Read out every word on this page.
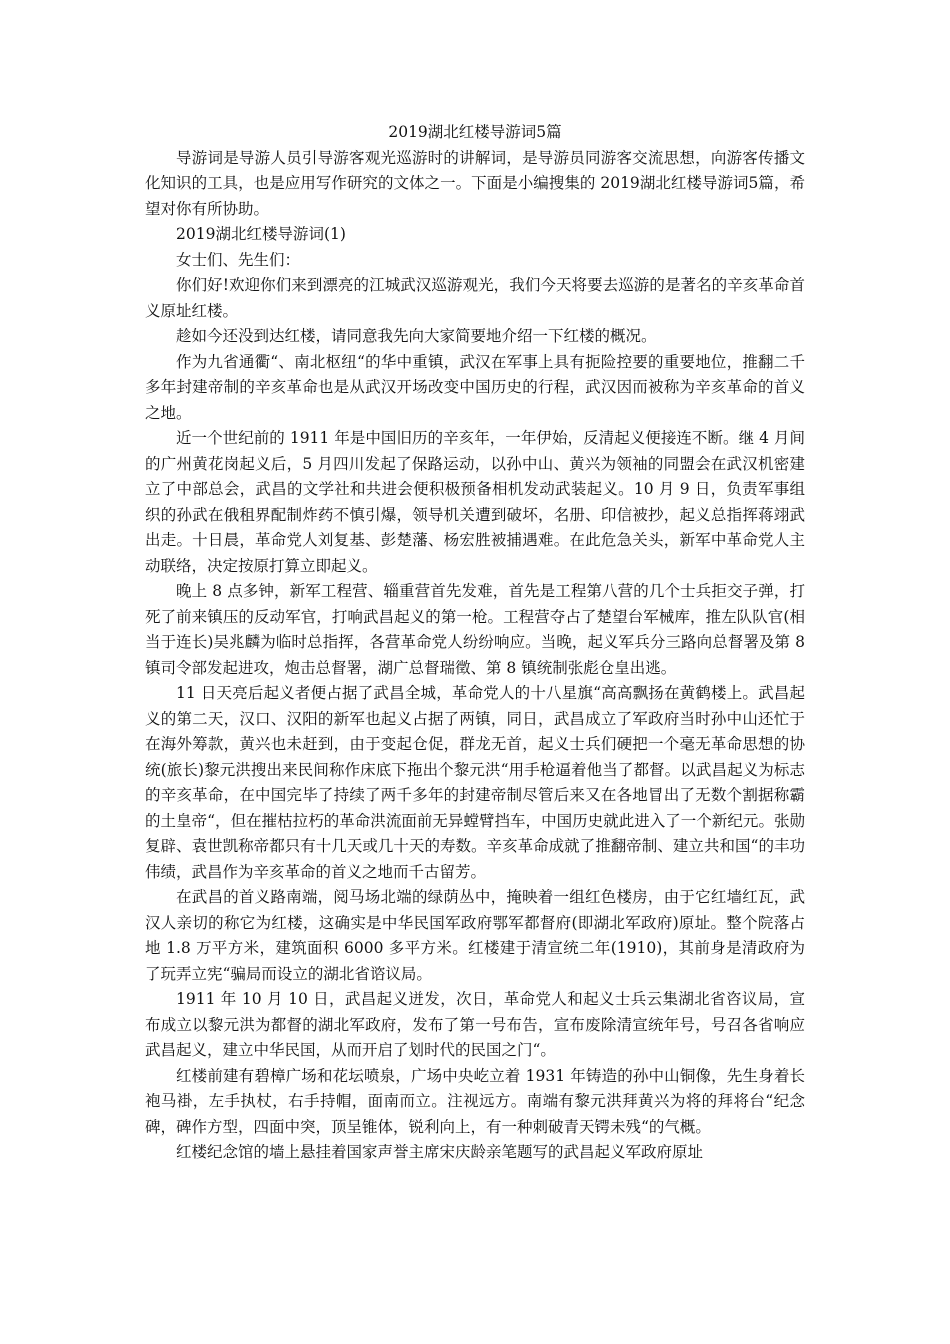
2019湖北红楼导游词5篇

导游词是导游人员引导游客观光巡游时的讲解词，是导游员同游客交流思想，向游客传播文化知识的工具，也是应用写作研究的文体之一。下面是小编搜集的 2019湖北红楼导游词5篇，希望对你有所协助。

2019湖北红楼导游词(1)

女士们、先生们：

你们好!欢迎你们来到漂亮的江城武汉巡游观光，我们今天将要去巡游的是著名的辛亥革命首义原址红楼。

趁如今还没到达红楼，请同意我先向大家简要地介绍一下红楼的概况。

作为九省通衢“、南北枢纽“的华中重镇，武汉在军事上具有扼险控要的重要地位，推翻二千多年封建帝制的辛亥革命也是从武汉开场改变中国历史的行程，武汉因而被称为辛亥革命的首义之地。

近一个世纪前的 1911 年是中国旧历的辛亥年，一年伊始，反清起义便接连不断。继 4 月间的广州黄花岗起义后，5 月四川发起了保路运动，以孙中山、黄兴为领袖的同盟会在武汉机密建立了中部总会，武昌的文学社和共进会便积极预备相机发动武装起义。10 月 9 日，负责军事组织的孙武在俄租界配制炸药不慎引爆，领导机关遭到破坏，名册、印信被抄，起义总指挥蒋翊武出走。十日晨，革命党人刘复基、彭楚藩、杨宏胜被捕遇难。在此危急关头，新军中革命党人主动联络，决定按原打算立即起义。

晚上 8 点多钟，新军工程营、辎重营首先发难，首先是工程第八营的几个士兵拒交子弹，打死了前来镇压的反动军官，打响武昌起义的第一枪。工程营夺占了楚望台军械库，推左队队官(相当于连长)吴兆麟为临时总指挥，各营革命党人纷纷响应。当晚，起义军兵分三路向总督署及第 8 镇司令部发起进攻，炮击总督署，湖广总督瑞徵、第 8 镇统制张彪仓皇出逃。

11 日天亮后起义者便占据了武昌全城，革命党人的十八星旗“高高飘扬在黄鹤楼上。武昌起义的第二天，汉口、汉阳的新军也起义占据了两镇，同日，武昌成立了军政府当时孙中山还忙于在海外筹款，黄兴也未赶到，由于变起仓促，群龙无首，起义士兵们硬把一个毫无革命思想的协统(旅长)黎元洪搜出来民间称作床底下拖出个黎元洪“用手枪逼着他当了都督。以武昌起义为标志的辛亥革命，在中国完毕了持续了两千多年的封建帝制尽管后来又在各地冒出了无数个割据称霸的土皇帝“，但在摧枯拉朽的革命洪流面前无异螳臂挡车，中国历史就此进入了一个新纪元。张勋复辟、袁世凯称帝都只有十几天或几十天的寿数。辛亥革命成就了推翻帝制、建立共和国“的丰功伟绩，武昌作为辛亥革命的首义之地而千古留芳。

在武昌的首义路南端，阅马场北端的绿荫丛中，掩映着一组红色楼房，由于它红墙红瓦，武汉人亲切的称它为红楼，这确实是中华民国军政府鄂军都督府(即湖北军政府)原址。整个院落占地 1.8 万平方米，建筑面积 6000 多平方米。红楼建于清宣统二年(1910)，其前身是清政府为了玩弄立宪“骗局而设立的湖北省谘议局。

1911 年 10 月 10 日，武昌起义迸发，次日，革命党人和起义士兵云集湖北省咨议局，宣布成立以黎元洪为都督的湖北军政府，发布了第一号布告，宣布废除清宣统年号，号召各省响应武昌起义，建立中华民国，从而开启了划时代的民国之门“。

红楼前建有碧樟广场和花坛喷泉，广场中央屹立着 1931 年铸造的孙中山铜像，先生身着长袍马褂，左手执杖，右手持帽，面南而立。注视远方。南端有黎元洪拜黄兴为将的拜将台“纪念碑，碑作方型，四面中突，顶呈锥体，锐利向上，有一种刺破青天锷未残“的气概。

红楼纪念馆的墙上悬挂着国家声誉主席宋庆龄亲笔题写的武昌起义军政府原址
